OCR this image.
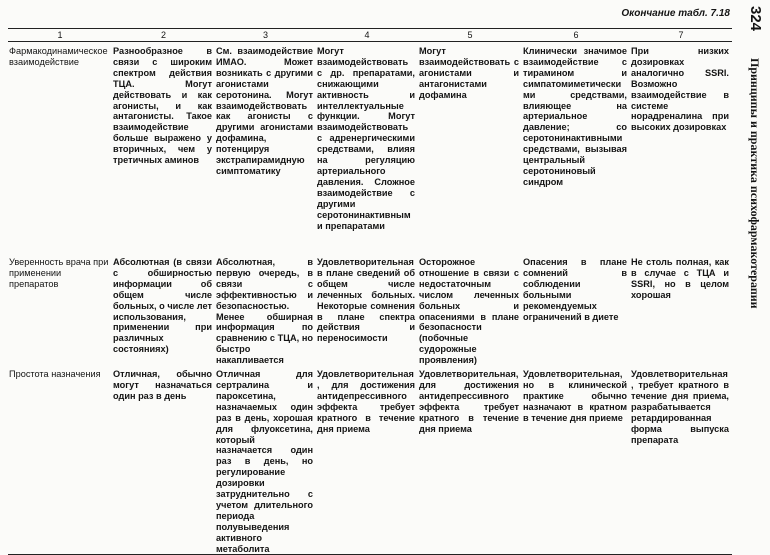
Окончание табл. 7.18 324
Принципы и практика психофармакотерапии
1	2	3	4	5	6	7
Фармакодинамическое взаимодействие	Разнообразное в связи с широким спектром действия ТЦА. Могут действовать и как агонисты, и как антагонисты. Такое взаимодействие больше выражено у вторичных, чем у третичных аминов	См. взаимодействие ИМАО. Может возникать с другими агонистами серотонина. Могут взаимодействовать как агонисты с другими агонистами дофамина, потенцируя экстрапирамидную симптоматику	Могут взаимодействовать с др. препаратами, снижающими активность и интеллектуальные функции. Могут взаимодействовать с адренергическими средствами, влияя на регуляцию артериального давления. Сложное взаимодействие с другими серотонинактивными препаратами	Могут взаимодействовать с агонистами и антагонистами дофамина	Клинически значимое взаимодействие с тирамином и симпатомиметическими средствами, влияющее на артериальное давление; со серотонинактивными средствами, вызывая центральный серотониновый синдром	При низких дозировках аналогично SSRI. Возможно взаимодействие в системе норадреналина при высоких дозировках
Уверенность врача при применении препаратов	Абсолютная (в связи с обширностью информации об общем числе больных, о числе лет использования, применении при различных состояниях)	Абсолютная, в первую очередь, в связи с эффективностью и безопасностью. Менее обширная информация по сравнению с ТЦА, но быстро накапливается	Удовлетворительная в плане сведений об общем числе леченных больных. Некоторые сомнения в плане спектра действия и переносимости	Осторожное отношение в связи с недостаточным числом леченных больных и опасениями в плане безопасности (побочные судорожные проявления)	Опасения в плане сомнений в соблюдении больными рекомендуемых ограничений в диете	Не столь полная, как в случае с ТЦА и SSRI, но в целом хорошая
Простота назначения	Отличная, обычно могут назначаться один раз в день	Отличная для сертралина и пароксетина, назначаемых один раз в день, хорошая для флуоксетина, который назначается один раз в день, но регулирование дозировки затруднительно с учетом длительного периода полувыведения активного метаболита	Удовлетворительная, для достижения антидепрессивного эффекта требует кратного в течение дня приема	Удовлетворительная, для достижения антидепрессивного эффекта требует кратного в течение дня приема	Удовлетворительная, но в клинической практике обычно назначают в кратном в течение дня приеме	Удовлетворительная, требует кратного в течение дня приема, разрабатывается ретардированная форма выпуска препарата
